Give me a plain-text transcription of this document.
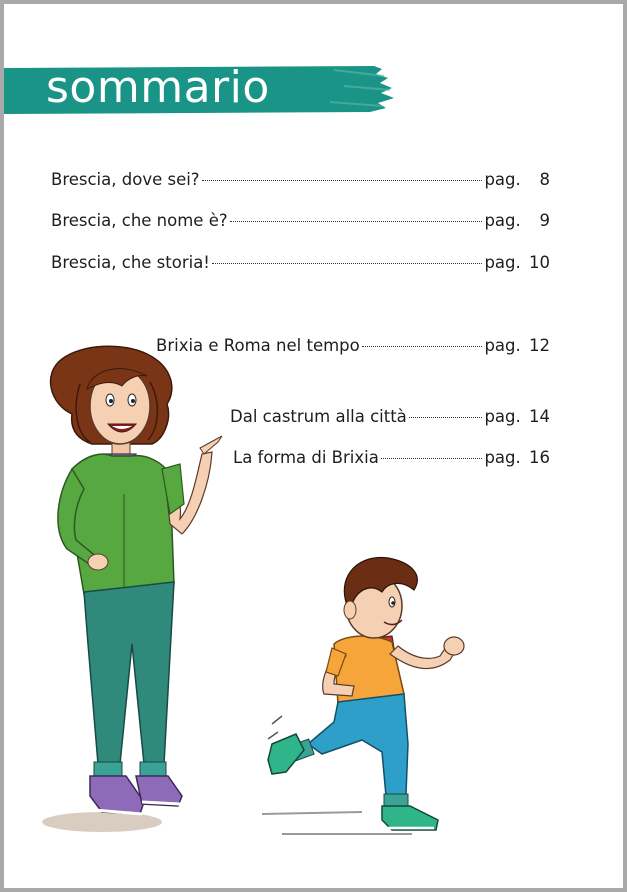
sommario
Brescia, dove sei?	pag. 8
Brescia, che nome è?	pag. 9
Brescia, che storia!	pag. 10
Brixia e Roma nel tempo	pag. 12
Dal castrum alla città	pag. 14
La forma di Brixia	pag. 16
